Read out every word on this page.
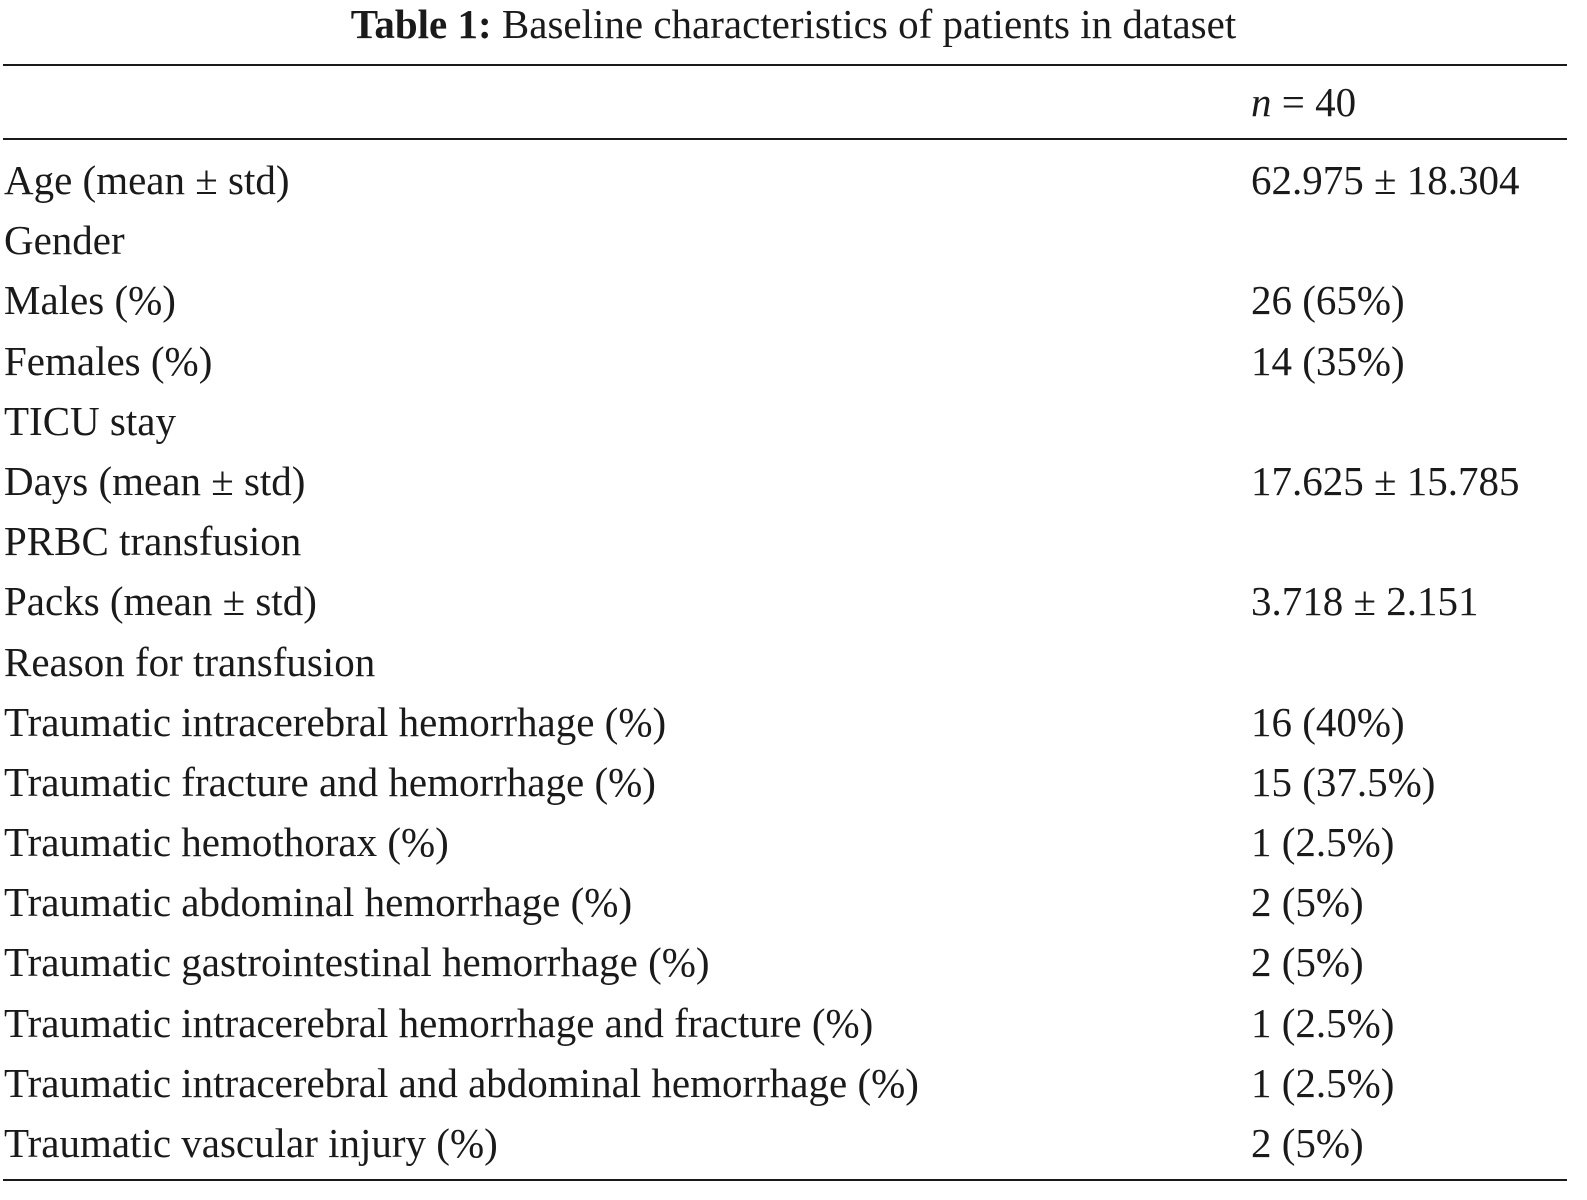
Table 1: Baseline characteristics of patients in dataset
n = 40
Age (mean ± std)	62.975 ± 18.304
Gender
Males (%)	26 (65%)
Females (%)	14 (35%)
TICU stay
Days (mean ± std)	17.625 ± 15.785
PRBC transfusion
Packs (mean ± std)	3.718 ± 2.151
Reason for transfusion
Traumatic intracerebral hemorrhage (%)	16 (40%)
Traumatic fracture and hemorrhage (%)	15 (37.5%)
Traumatic hemothorax (%)	1 (2.5%)
Traumatic abdominal hemorrhage (%)	2 (5%)
Traumatic gastrointestinal hemorrhage (%)	2 (5%)
Traumatic intracerebral hemorrhage and fracture (%)	1 (2.5%)
Traumatic intracerebral and abdominal hemorrhage (%)	1 (2.5%)
Traumatic vascular injury (%)	2 (5%)
